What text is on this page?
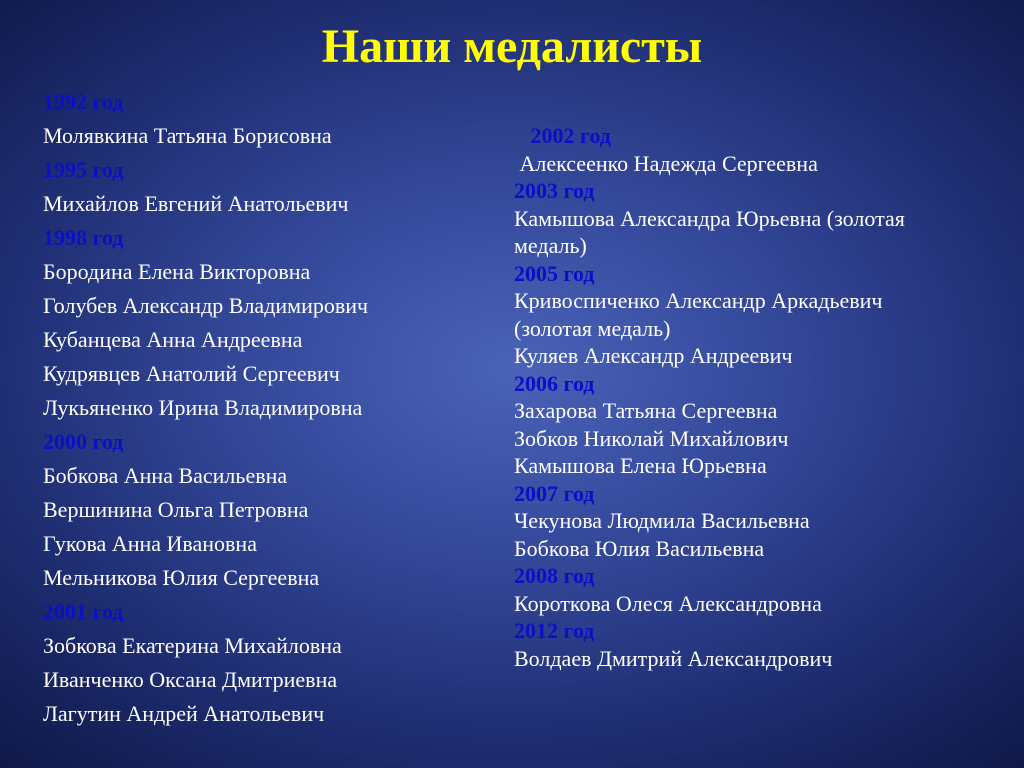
Наши медалисты
1992 год
Молявкина Татьяна Борисовна
1995 год
Михайлов Евгений Анатольевич
1998 год
Бородина Елена Викторовна
Голубев Александр Владимирович
Кубанцева Анна Андреевна
Кудрявцев Анатолий Сергеевич
Лукьяненко Ирина Владимировна
2000 год
Бобкова Анна Васильевна
Вершинина Ольга Петровна
Гукова Анна Ивановна
Мельникова Юлия Сергеевна
2001 год
Зобкова Екатерина Михайловна
Иванченко Оксана Дмитриевна
Лагутин Андрей Анатольевич
2002 год
Алексеенко Надежда Сергеевна
2003 год
Камышова Александра Юрьевна (золотая
медаль)
2005 год
Кривоспиченко Александр Аркадьевич
(золотая медаль)
Куляев Александр Андреевич
2006 год
Захарова Татьяна Сергеевна
Зобков Николай Михайлович
Камышова Елена Юрьевна
2007 год
Чекунова Людмила Васильевна
Бобкова Юлия Васильевна
2008 год
Короткова Олеся Александровна
2012 год
Волдаев Дмитрий Александрович
